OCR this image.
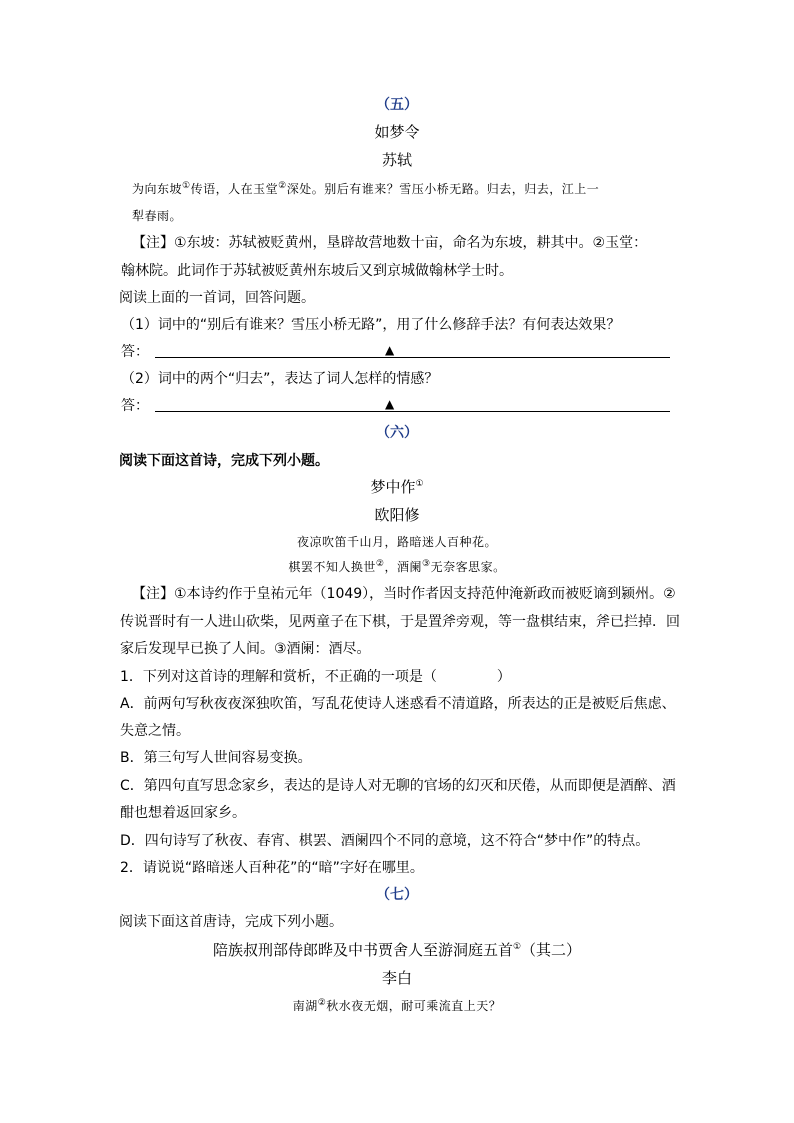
（五）
如梦令
苏轼
为向东坡①传语，人在玉堂②深处。别后有谁来？雪压小桥无路。归去，归去，江上一
犁春雨。
【注】①东坡：苏轼被贬黄州，垦辟故营地数十亩，命名为东坡，耕其中。②玉堂：
翰林院。此词作于苏轼被贬黄州东坡后又到京城做翰林学士时。
阅读上面的一首词，回答问题。
（1）词中的“别后有谁来？雪压小桥无路”，用了什么修辞手法？有何表达效果？
答：	▲
（2）词中的两个“归去”，表达了词人怎样的情感？
答：	▲
（六）
阅读下面这首诗，完成下列小题。
梦中作①
欧阳修
夜凉吹笛千山月，路暗迷人百种花。
棋罢不知人换世②，酒阑③无奈客思家。
【注】①本诗约作于皇祐元年（1049），当时作者因支持范仲淹新政而被贬谪到颍州。②
传说晋时有一人进山砍柴，见两童子在下棋，于是置斧旁观，等一盘棋结束，斧已拦掉．回
家后发现早已换了人间。③酒阑：酒尽。
1．下列对这首诗的理解和赏析，不正确的一项是（	）
A．前两句写秋夜夜深独吹笛，写乱花使诗人迷惑看不清道路，所表达的正是被贬后焦虑、
失意之情。
B．第三句写人世间容易变换。
C．第四句直写思念家乡，表达的是诗人对无聊的官场的幻灭和厌倦，从而即便是酒醉、酒
酣也想着返回家乡。
D．四句诗写了秋夜、春宵、棋罢、酒阑四个不同的意境，这不符合“梦中作”的特点。
2．请说说“路暗迷人百种花”的“暗”字好在哪里。
（七）
阅读下面这首唐诗，完成下列小题。
陪族叔刑部侍郎晔及中书贾舍人至游洞庭五首①（其二）
李白
南湖②秋水夜无烟，耐可乘流直上天？
